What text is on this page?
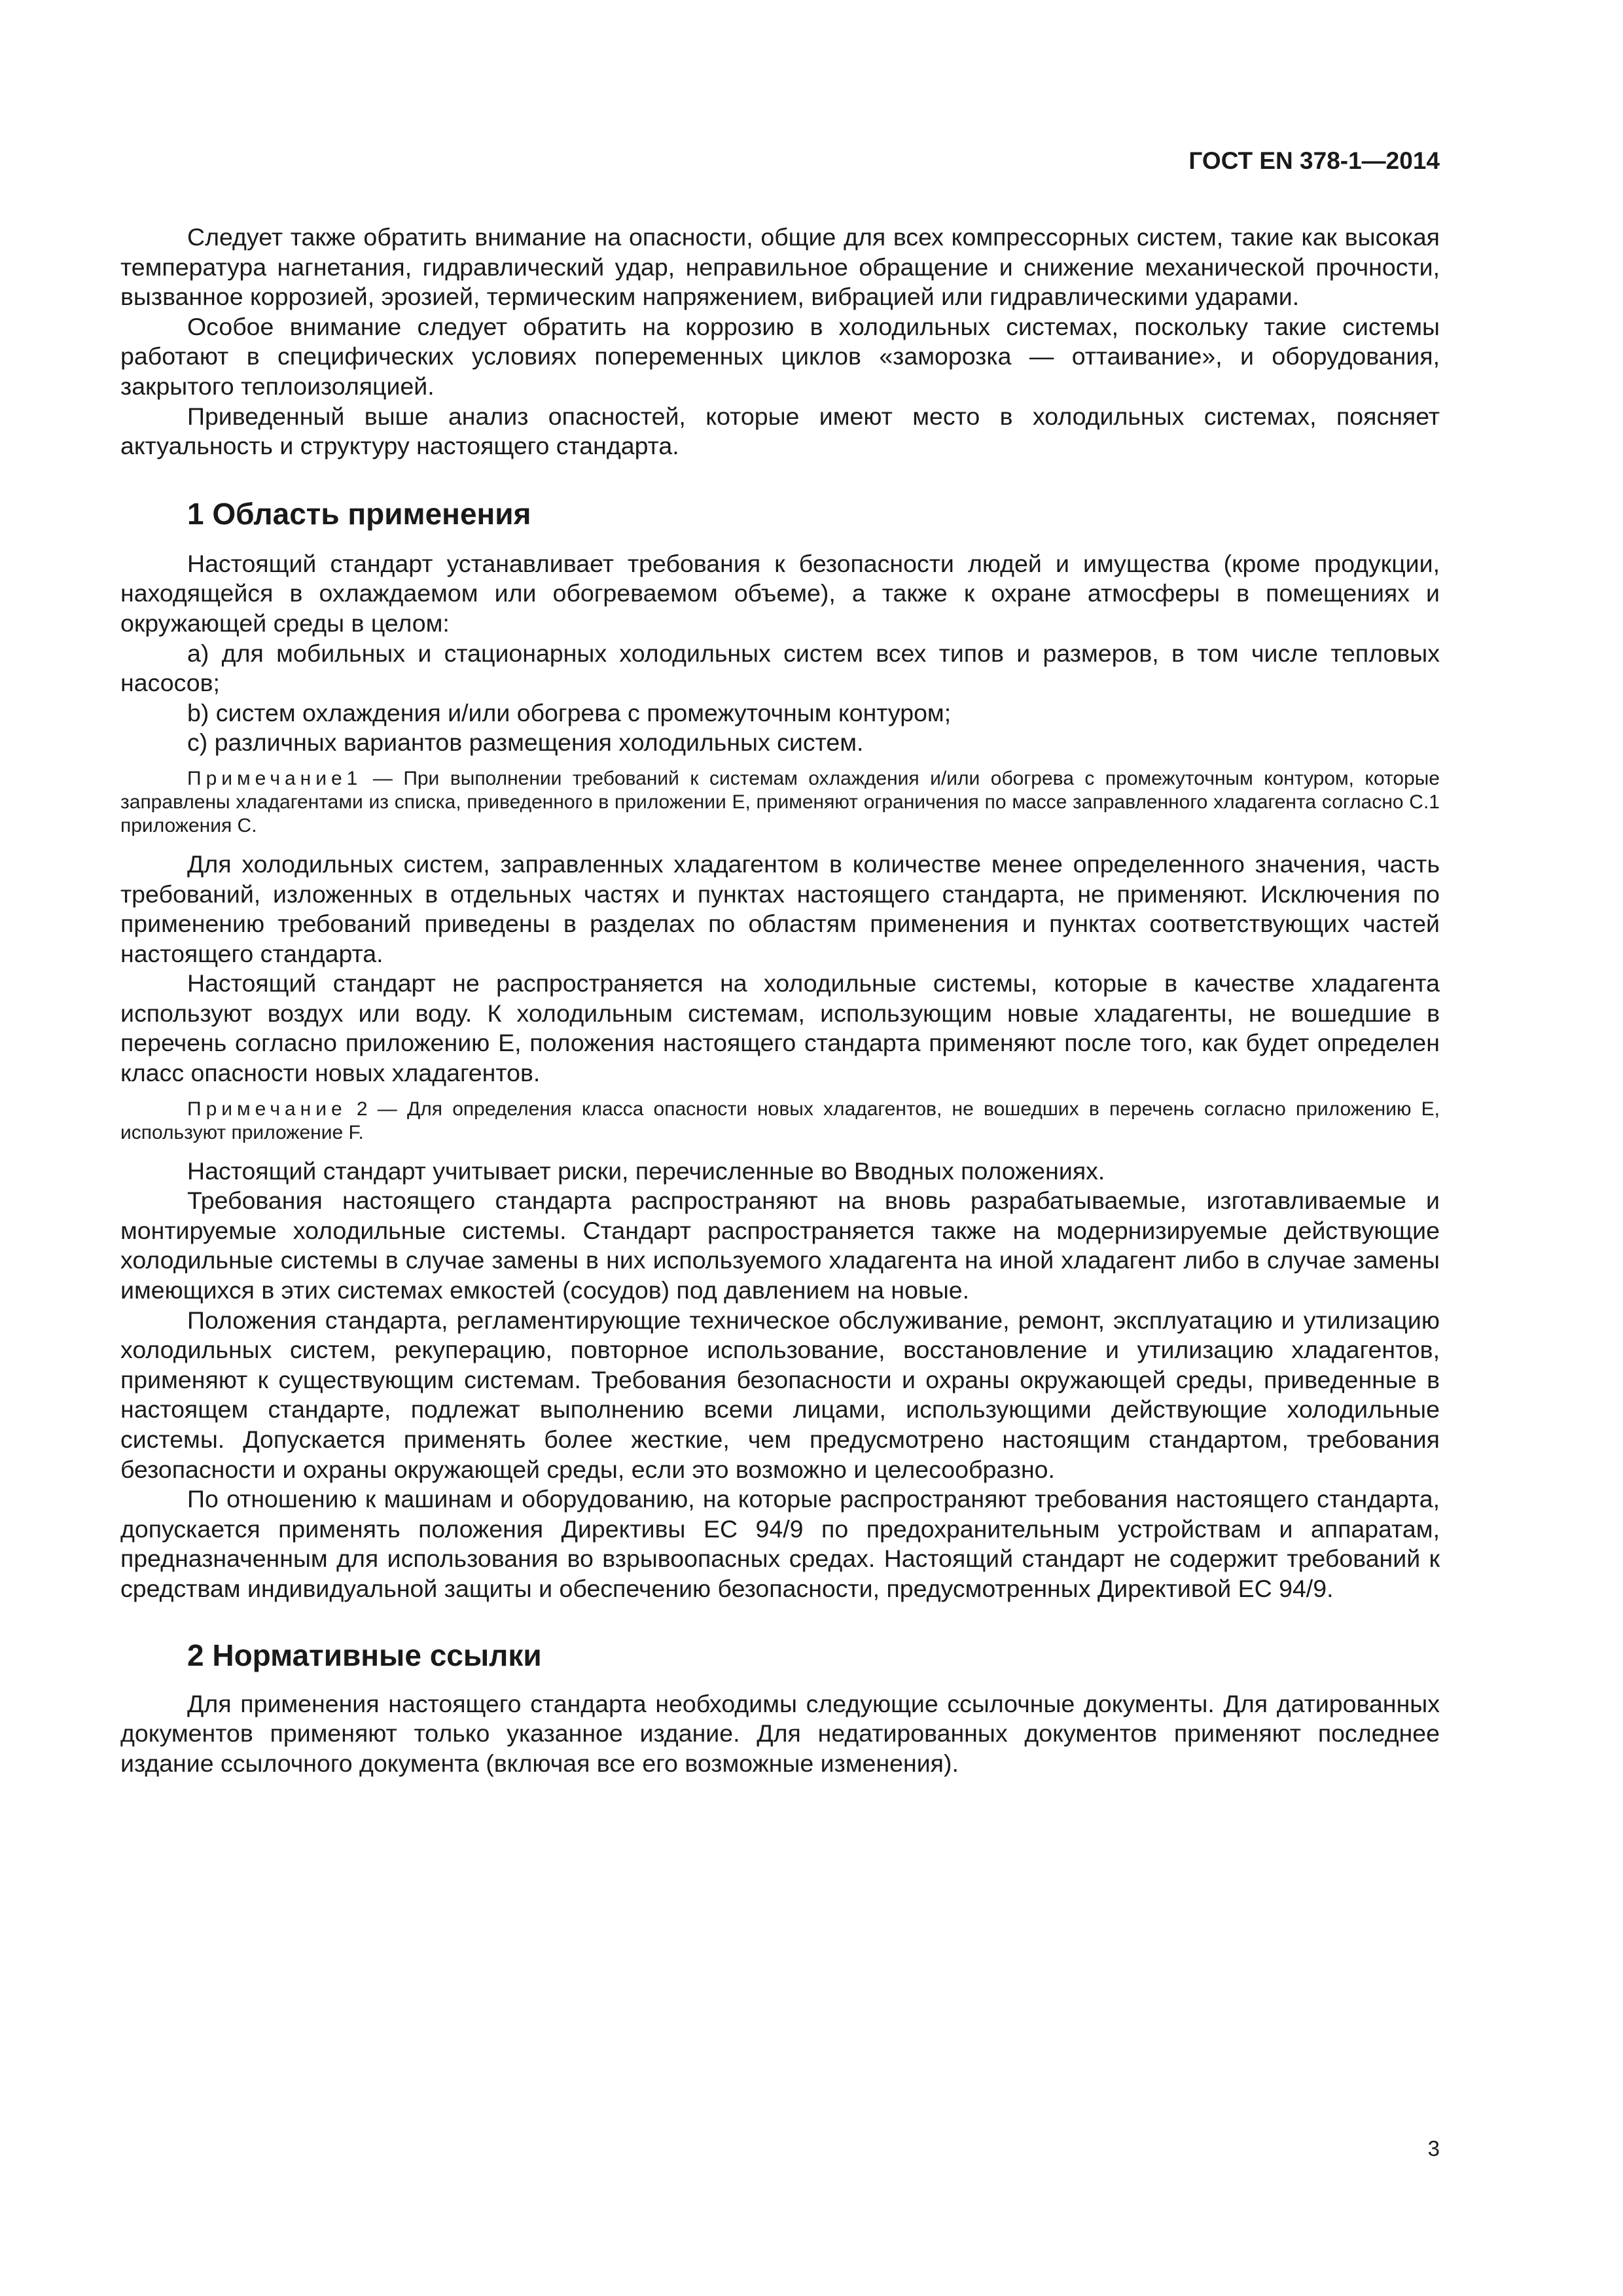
ГОСТ EN 378-1—2014

Следует также обратить внимание на опасности, общие для всех компрессорных систем, такие как высокая температура нагнетания, гидравлический удар, неправильное обращение и снижение механической прочности, вызванное коррозией, эрозией, термическим напряжением, вибрацией или гидравлическими ударами.

Особое внимание следует обратить на коррозию в холодильных системах, поскольку такие системы работают в специфических условиях попеременных циклов «заморозка — оттаивание», и оборудования, закрытого теплоизоляцией.

Приведенный выше анализ опасностей, которые имеют место в холодильных системах, поясняет актуальность и структуру настоящего стандарта.

1 Область применения

Настоящий стандарт устанавливает требования к безопасности людей и имущества (кроме продукции, находящейся в охлаждаемом или обогреваемом объеме), а также к охране атмосферы в помещениях и окружающей среды в целом:

a) для мобильных и стационарных холодильных систем всех типов и размеров, в том числе тепловых насосов;

b) систем охлаждения и/или обогрева с промежуточным контуром;

c) различных вариантов размещения холодильных систем.

Примечание1 — При выполнении требований к системам охлаждения и/или обогрева с промежуточным контуром, которые заправлены хладагентами из списка, приведенного в приложении E, применяют ограничения по массе заправленного хладагента согласно C.1 приложения C.

Для холодильных систем, заправленных хладагентом в количестве менее определенного значения, часть требований, изложенных в отдельных частях и пунктах настоящего стандарта, не применяют. Исключения по применению требований приведены в разделах по областям применения и пунктах соответствующих частей настоящего стандарта.

Настоящий стандарт не распространяется на холодильные системы, которые в качестве хладагента используют воздух или воду. К холодильным системам, использующим новые хладагенты, не вошедшие в перечень согласно приложению E, положения настоящего стандарта применяют после того, как будет определен класс опасности новых хладагентов.

Примечание 2 — Для определения класса опасности новых хладагентов, не вошедших в перечень согласно приложению E, используют приложение F.

Настоящий стандарт учитывает риски, перечисленные во Вводных положениях.

Требования настоящего стандарта распространяют на вновь разрабатываемые, изготавливаемые и монтируемые холодильные системы. Стандарт распространяется также на модернизируемые действующие холодильные системы в случае замены в них используемого хладагента на иной хладагент либо в случае замены имеющихся в этих системах емкостей (сосудов) под давлением на новые.

Положения стандарта, регламентирующие техническое обслуживание, ремонт, эксплуатацию и утилизацию холодильных систем, рекуперацию, повторное использование, восстановление и утилизацию хладагентов, применяют к существующим системам. Требования безопасности и охраны окружающей среды, приведенные в настоящем стандарте, подлежат выполнению всеми лицами, использующими действующие холодильные системы. Допускается применять более жесткие, чем предусмотрено настоящим стандартом, требования безопасности и охраны окружающей среды, если это возможно и целесообразно.

По отношению к машинам и оборудованию, на которые распространяют требования настоящего стандарта, допускается применять положения Директивы ЕС 94/9 по предохранительным устройствам и аппаратам, предназначенным для использования во взрывоопасных средах. Настоящий стандарт не содержит требований к средствам индивидуальной защиты и обеспечению безопасности, предусмотренных Директивой ЕС 94/9.

2 Нормативные ссылки

Для применения настоящего стандарта необходимы следующие ссылочные документы. Для датированных документов применяют только указанное издание. Для недатированных документов применяют последнее издание ссылочного документа (включая все его возможные изменения).

3
